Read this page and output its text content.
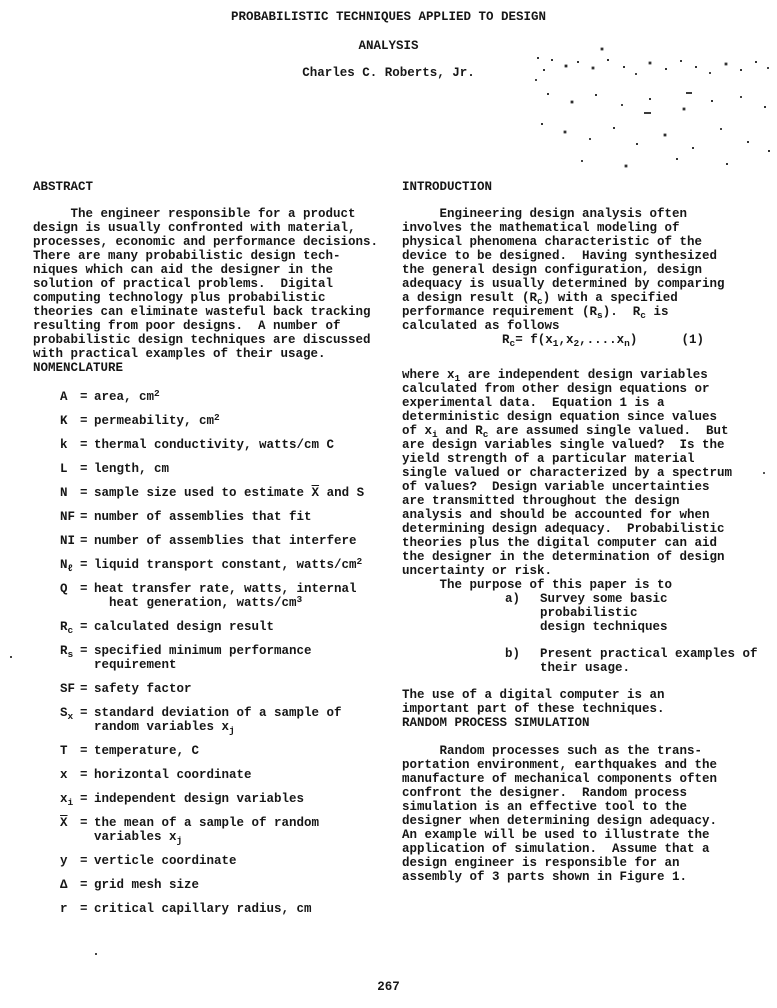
PROBABILISTIC TECHNIQUES APPLIED TO DESIGN
ANALYSIS
Charles C. Roberts, Jr.
ABSTRACT

The engineer responsible for a product
design is usually confronted with material,
processes, economic and performance decisions.
There are many probabilistic design tech-
niques which can aid the designer in the
solution of practical problems.  Digital
computing technology plus probabilistic
theories can eliminate wasteful back tracking
resulting from poor designs.  A number of
probabilistic design techniques are discussed
with practical examples of their usage.

NOMENCLATURE
A = area, $cm^2$
K = permeability, $cm^2$
k = thermal conductivity, watts/cm C
L = length, cm
N = sample size used to estimate $\overline{X}$ and S
NF = number of assemblies that fit
NI = number of assemblies that interfere
$N_\ell$ = liquid transport constant, watts/$cm^2$
Q = heat transfer rate, watts, internal
heat generation, watts/$cm^3$
$R_c$ = calculated design result
$R_s$ = specified minimum performance
requirement
SF = safety factor
$S_x$ = standard deviation of a sample of
random variables $x_j$
T = temperature, C
x = horizontal coordinate
$x_i$ = independent design variables
$\overline{X}$ = the mean of a sample of random
variables $x_j$
y = verticle coordinate
Δ = grid mesh size
r = critical capillary radius, cm
INTRODUCTION

Engineering design analysis often
involves the mathematical modeling of
physical phenomena characteristic of the
device to be designed.  Having synthesized
the general design configuration, design
adequacy is usually determined by comparing
a design result $(R_c)$ with a specified
performance requirement $(R_s)$.  $R_c$ is
calculated as follows

$R_c= f(x_1,x_2,....x_n)$	(1)

where $x_1$ are independent design variables
calculated from other design equations or
experimental data.  Equation 1 is a
deterministic design equation since values
of $x_i$ and $R_c$ are assumed single valued.  But
are design variables single valued?  Is the
yield strength of a particular material
single valued or characterized by a spectrum
of values?  Design variable uncertainties
are transmitted throughout the design
analysis and should be accounted for when
determining design adequacy.  Probabilistic
theories plus the digital computer can aid
the designer in the determination of design
uncertainty or risk.
The purpose of this paper is to

a)	Survey some basic probabilistic
design techniques
b)	Present practical examples of
their usage.

The use of a digital computer is an
important part of these techniques.

RANDOM PROCESS SIMULATION

Random processes such as the trans-
portation environment, earthquakes and the
manufacture of mechanical components often
confront the designer.  Random process
simulation is an effective tool to the
designer when determining design adequacy.
An example will be used to illustrate the
application of simulation.  Assume that a
design engineer is responsible for an
assembly of 3 parts shown in Figure 1.

267
